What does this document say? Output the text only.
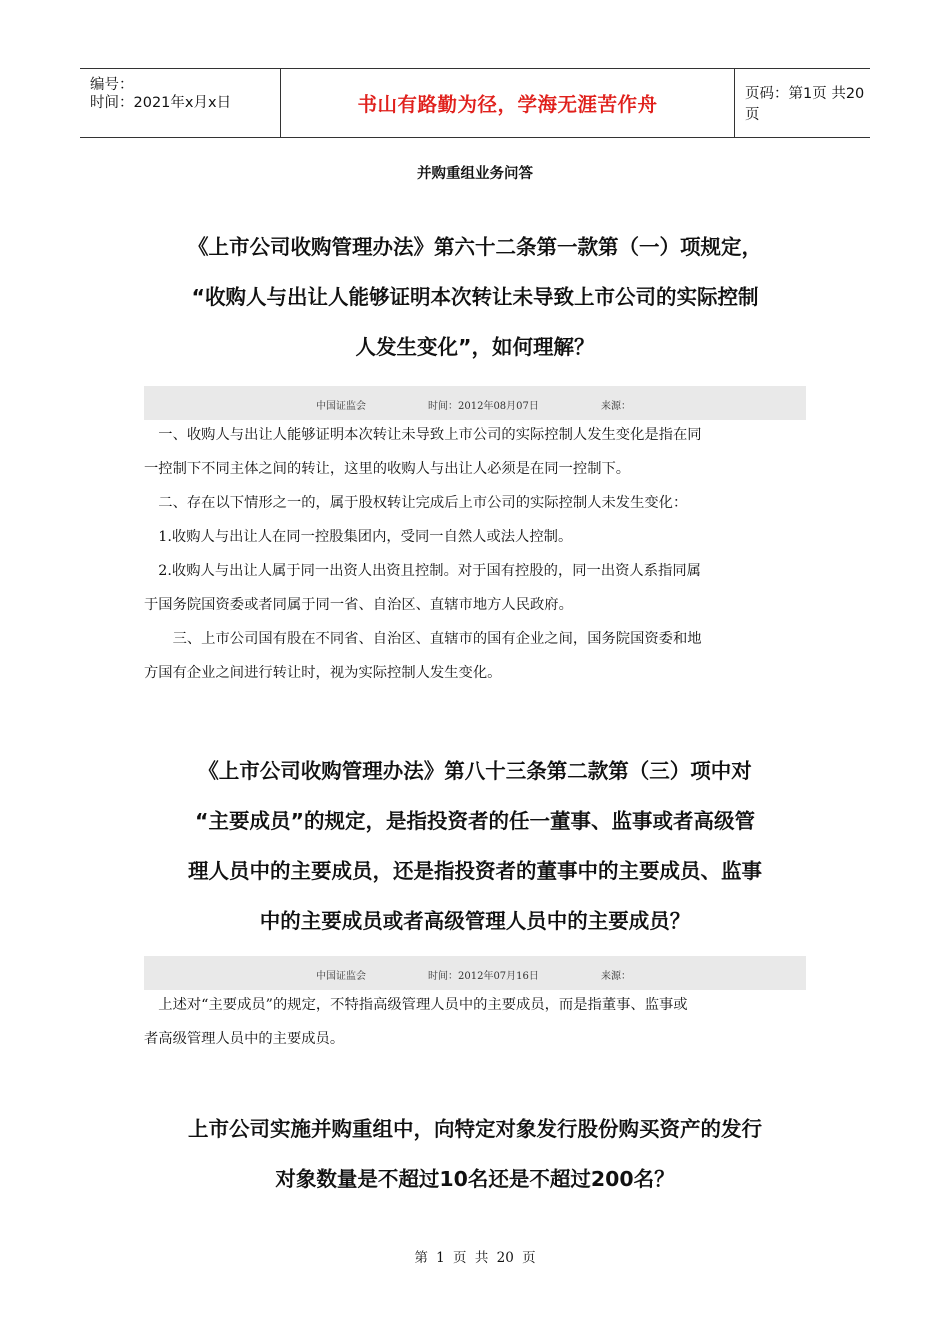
编号：
时间：2021年x月x日	书山有路勤为径，学海无涯苦作舟	页码：第1页 共20页
并购重组业务问答
《上市公司收购管理办法》第六十二条第一款第（一）项规定，
“收购人与出让人能够证明本次转让未导致上市公司的实际控制
人发生变化”，如何理解？
中国证监会	时间：2012年08月07日	来源：

　一、收购人与出让人能够证明本次转让未导致上市公司的实际控制人发生变化是指在同

一控制下不同主体之间的转让，这里的收购人与出让人必须是在同一控制下。

　二、存在以下情形之一的，属于股权转让完成后上市公司的实际控制人未发生变化：

　1.收购人与出让人在同一控股集团内，受同一自然人或法人控制。

　2.收购人与出让人属于同一出资人出资且控制。对于国有控股的，同一出资人系指同属

于国务院国资委或者同属于同一省、自治区、直辖市地方人民政府。

　　三、上市公司国有股在不同省、自治区、直辖市的国有企业之间，国务院国资委和地

方国有企业之间进行转让时，视为实际控制人发生变化。

《上市公司收购管理办法》第八十三条第二款第（三）项中对
“主要成员”的规定，是指投资者的任一董事、监事或者高级管
理人员中的主要成员，还是指投资者的董事中的主要成员、监事
中的主要成员或者高级管理人员中的主要成员？
中国证监会	时间：2012年07月16日	来源：

　上述对“主要成员”的规定，不特指高级管理人员中的主要成员，而是指董事、监事或

者高级管理人员中的主要成员。

上市公司实施并购重组中，向特定对象发行股份购买资产的发行
对象数量是不超过10名还是不超过200名？
第 1 页 共 20 页
